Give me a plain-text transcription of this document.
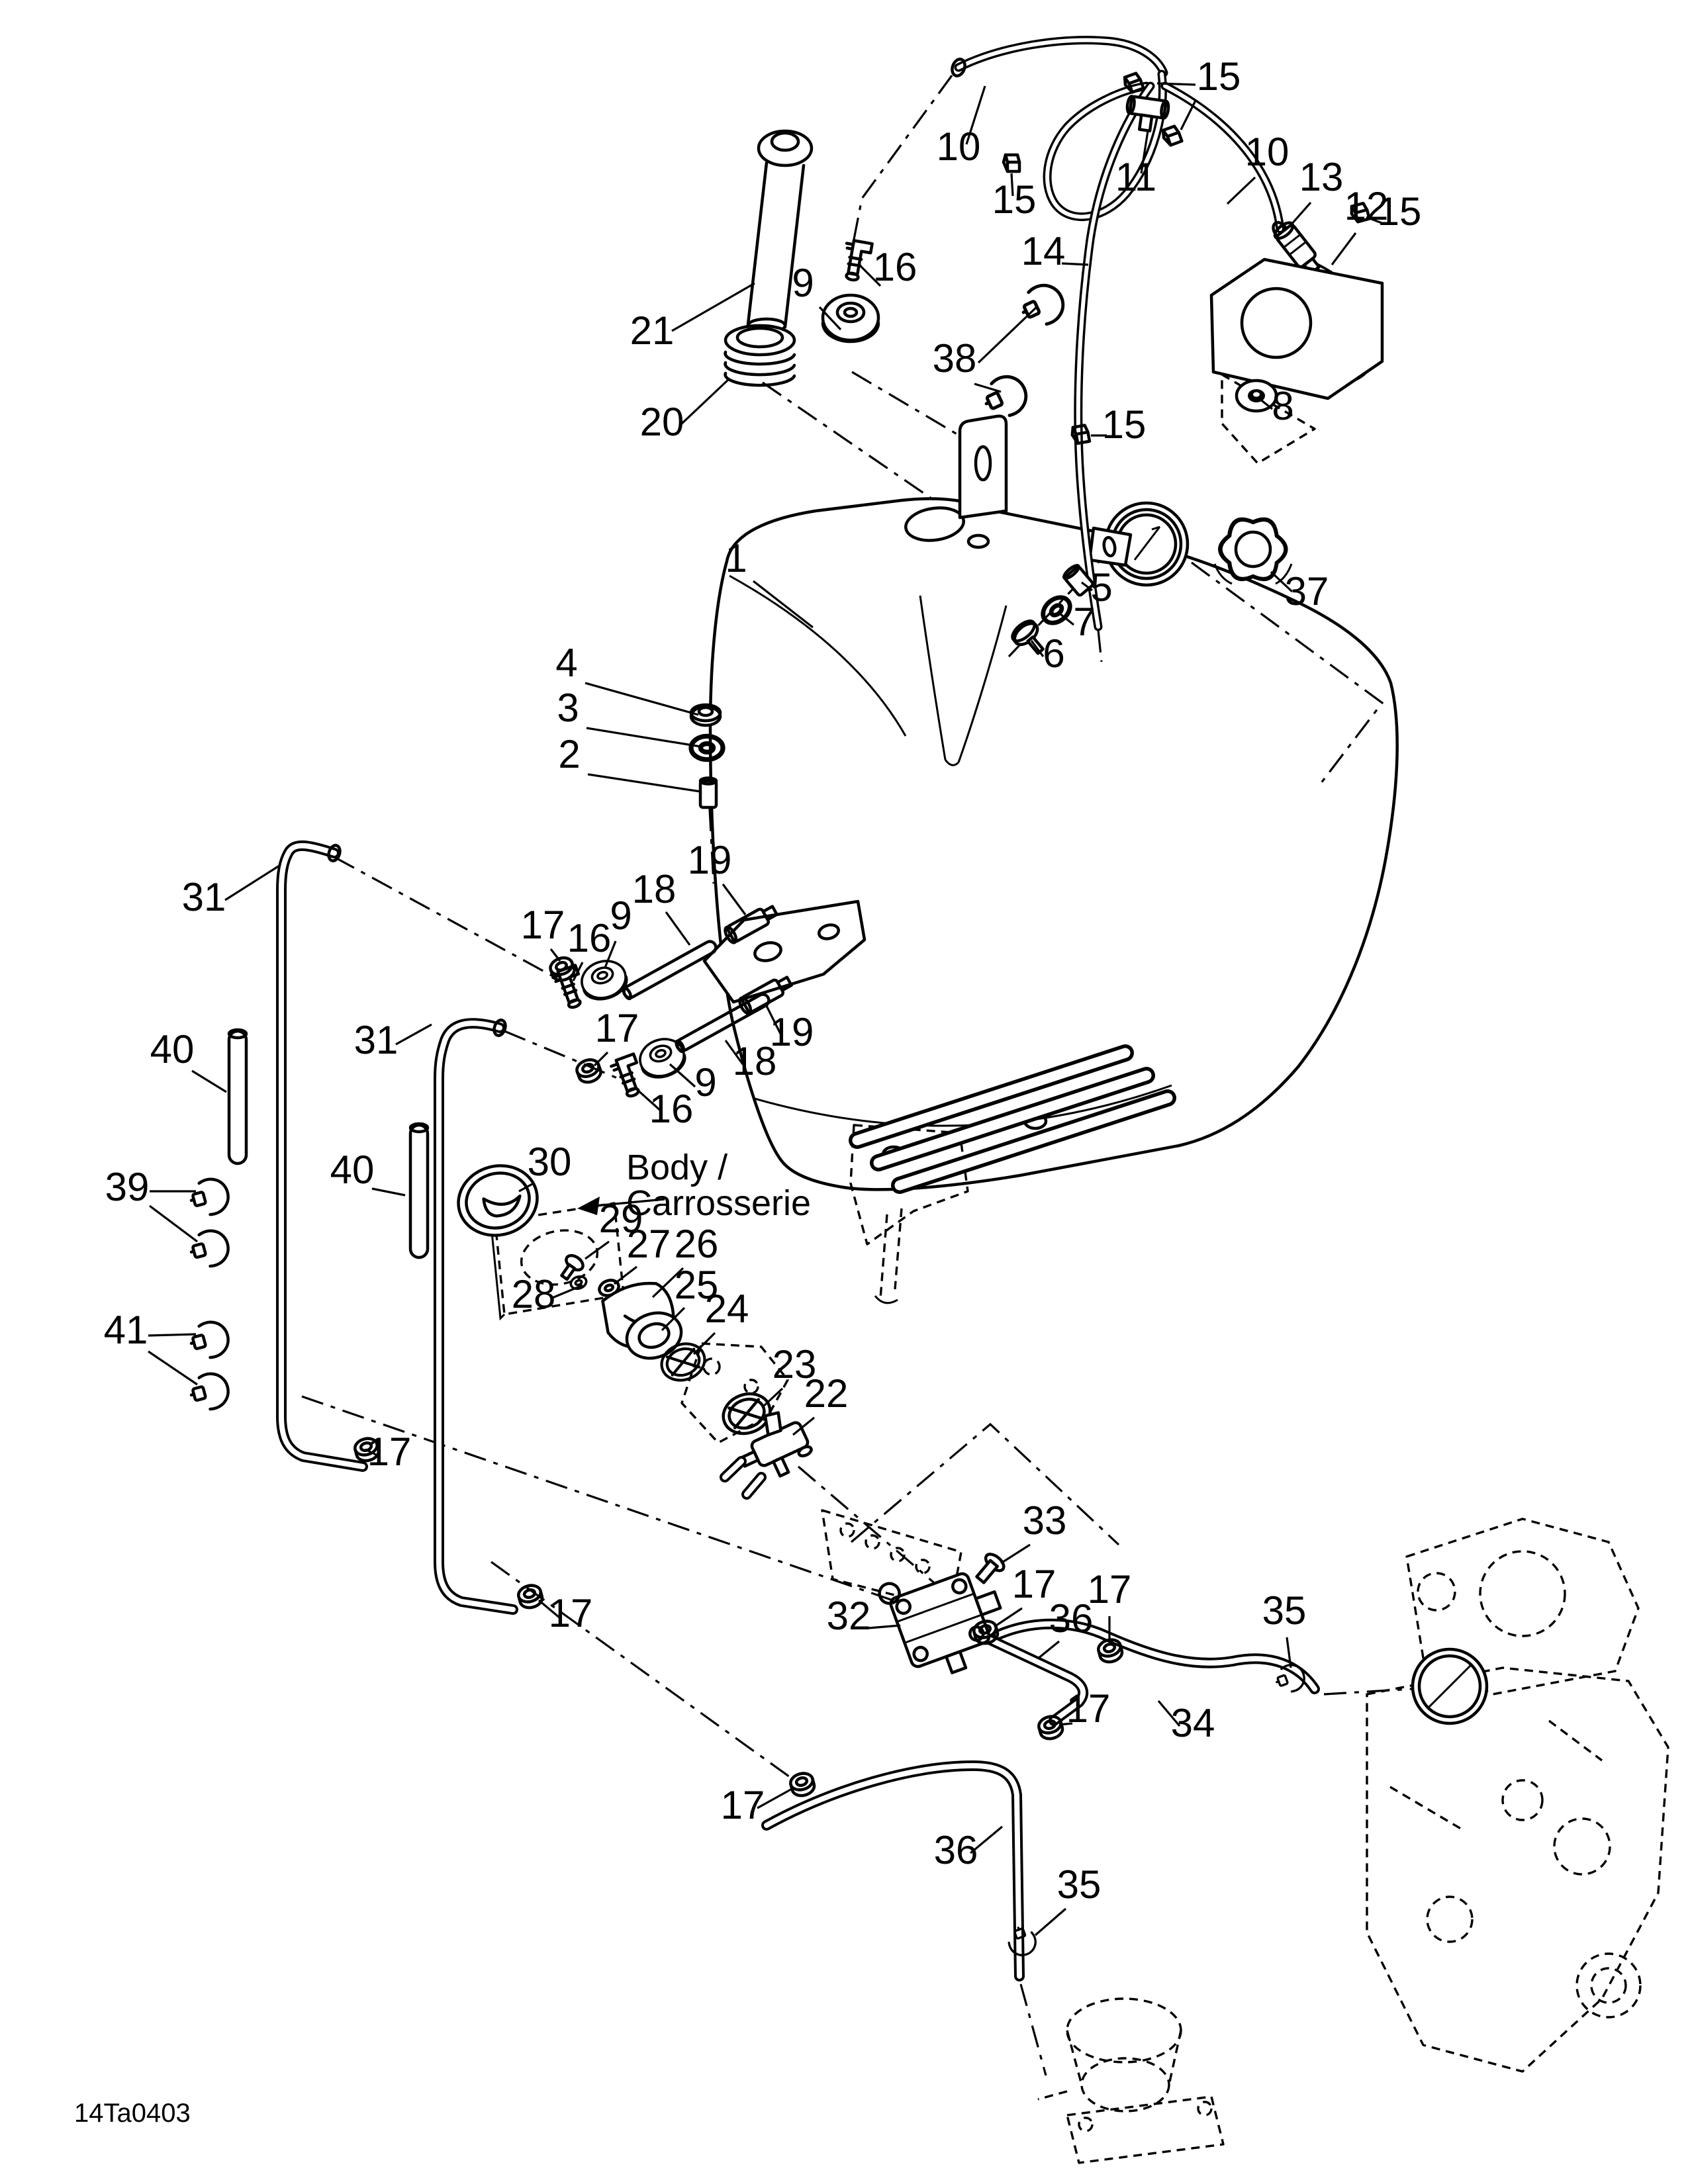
Body /
Carrosserie
14Ta0403
21
20
16
9
10
15
11
10
13
12
15
14
15
38
8
15
37
1
5
7
6
4
3
2
19
18
9
16
17
31
40	31
40
17
16
9 18
19
39
41
30
29
28
27 26
25
24
23
22
17
17
33
32
17
36
17
17 34
35
17
36
35
